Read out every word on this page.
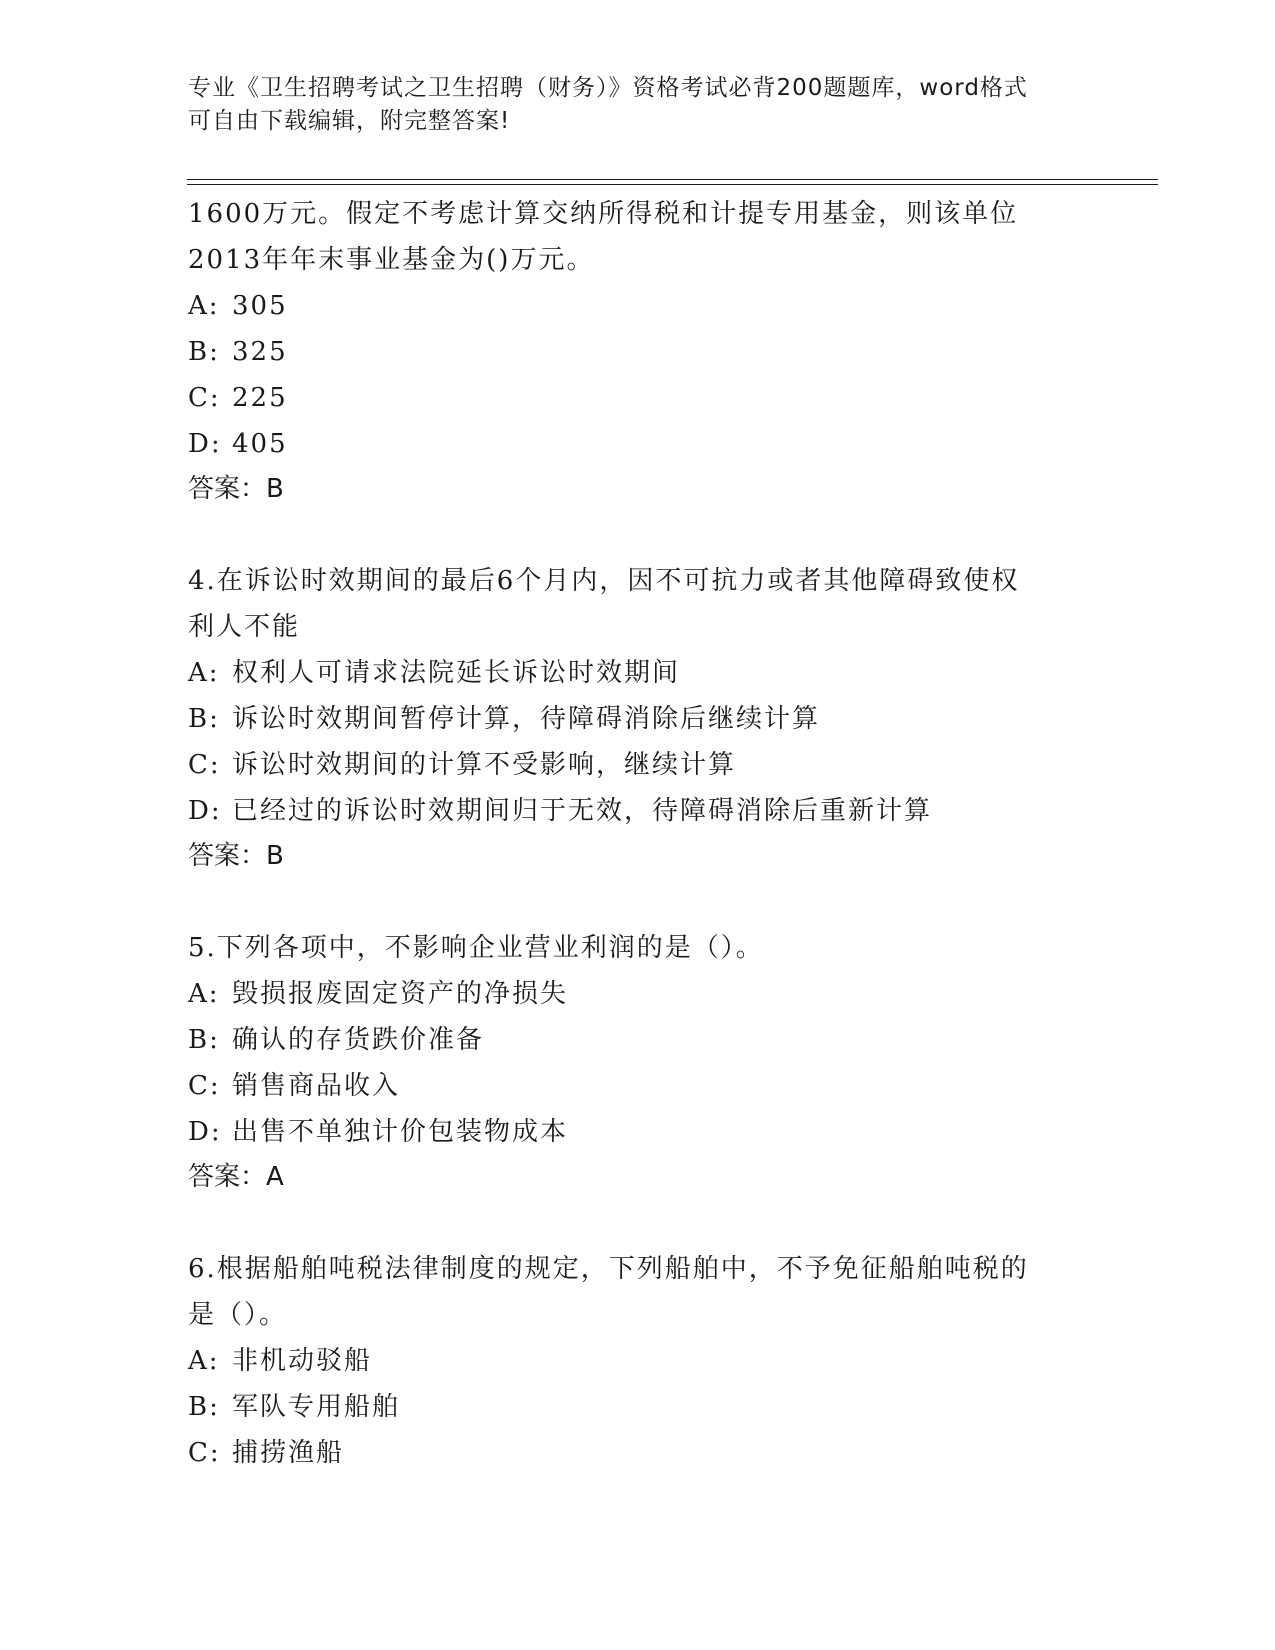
专业《卫生招聘考试之卫生招聘（财务）》资格考试必背200题题库，word格式
可自由下载编辑，附完整答案!
1600万元。假定不考虑计算交纳所得税和计提专用基金，则该单位
2013年年末事业基金为()万元。
A: 305
B: 325
C: 225
D: 405
答案：B
4.在诉讼时效期间的最后6个月内，因不可抗力或者其他障碍致使权
利人不能
A: 权利人可请求法院延长诉讼时效期间
B: 诉讼时效期间暂停计算，待障碍消除后继续计算
C: 诉讼时效期间的计算不受影响，继续计算
D: 已经过的诉讼时效期间归于无效，待障碍消除后重新计算
答案：B
5.下列各项中，不影响企业营业利润的是（）。
A: 毁损报废固定资产的净损失
B: 确认的存货跌价准备
C: 销售商品收入
D: 出售不单独计价包装物成本
答案：A
6.根据船舶吨税法律制度的规定，下列船舶中，不予免征船舶吨税的
是（）。
A: 非机动驳船
B: 军队专用船舶
C: 捕捞渔船
